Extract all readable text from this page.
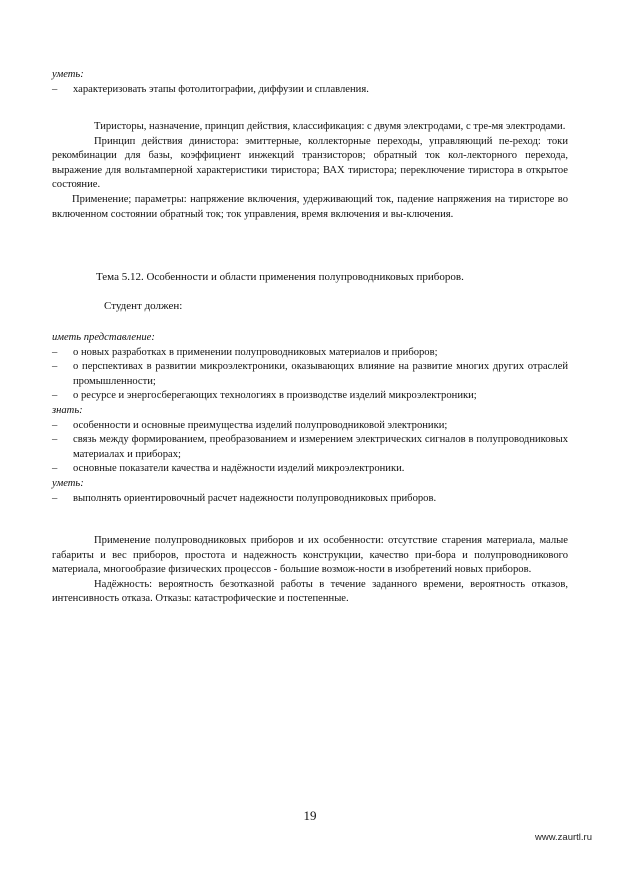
уметь:
–	характеризовать этапы фотолитографии, диффузии и сплавления.
Тиристоры, назначение, принцип действия, классификация: с двумя электродами, с тре-мя электродами.
Принцип действия динистора: эмиттерные, коллекторные переходы, управляющий пе-реход: токи рекомбинации для базы, коэффициент инжекций транзисторов; обратный ток кол-лекторного перехода, выражение для вольтамперной характеристики тиристора; ВАХ тиристора; переключение тиристора в открытое состояние.
Применение; параметры: напряжение включения, удерживающий ток, падение напряжения на тиристоре во включенном состоянии обратный ток; ток управления, время включения и вы-ключения.
Тема 5.12. Особенности и области применения полупроводниковых приборов.
Студент должен:
иметь представление:
–	о новых разработках в применении полупроводниковых материалов и приборов;
–	о перспективах в развитии микроэлектроники, оказывающих влияние на развитие многих других отраслей промышленности;
–	о ресурсе и энергосберегающих технологиях в производстве изделий микроэлектроники;
знать:
–	особенности и основные преимущества изделий полупроводниковой электроники;
–	связь между формированием, преобразованием и измерением электрических сигналов в полупроводниковых материалах и приборах;
–	основные показатели качества и надёжности изделий микроэлектроники.
уметь:
–	выполнять ориентировочный расчет надежности полупроводниковых приборов.
Применение полупроводниковых приборов и их особенности: отсутствие старения материала, малые габариты и вес приборов, простота и надежность конструкции, качество при-бора и полупроводникового материала, многообразие физических процессов - большие возмож-ности в изобретений новых приборов.
Надёжность: вероятность безотказной работы в течение заданного времени, вероятность отказов, интенсивность отказа. Отказы: катастрофические и постепенные.
19
www.zaurtl.ru
